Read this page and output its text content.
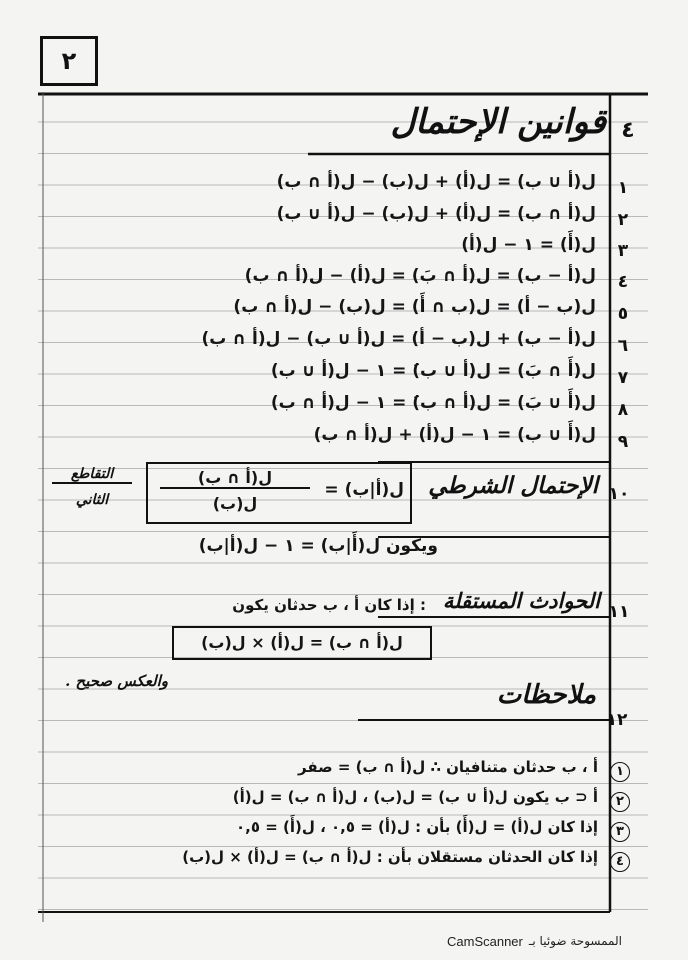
٢
٤
قوانين الإحتمال
١
ل(أ ∪ ب) = ل(أ) + ل(ب) − ل(أ ∩ ب)
٢
ل(أ ∩ ب) = ل(أ) + ل(ب) − ل(أ ∪ ب)
٣
ل(أَ) = ١ − ل(أ)
٤
ل(أ − ب) = ل(أ ∩ بَ) = ل(أ) − ل(أ ∩ ب)
٥
ل(ب − أ) = ل(ب ∩ أَ) = ل(ب) − ل(أ ∩ ب)
٦
ل(أ − ب) + ل(ب − أ) = ل(أ ∪ ب) − ل(أ ∩ ب)
٧
ل(أَ ∩ بَ) = ل(أ ∪ ب)َ = ١ − ل(أ ∪ ب)
٨
ل(أَ ∪ بَ) = ل(أ ∩ ب)َ = ١ − ل(أ ∩ ب)
٩
ل(أَ ∪ ب) = ١ − ل(أ) + ل(أ ∩ ب)
١٠
الإحتمال الشرطي
ل(أ|ب) =
ل(أ ∩ ب)
ل(ب)
التقاطع
الثاني
ويكون ل(أَ|ب) = ١ − ل(أ|ب)
١١
الحوادث المستقلة
: إذا كان أ ، ب حدثان يكون
ل(أ ∩ ب) = ل(أ) × ل(ب)
والعكس صحيح .
١٢
ملاحظات
١
أ ، ب حدثان متنافيان ∴ ل(أ ∩ ب) = صفر
٢
أ ⊂ ب يكون ل(أ ∪ ب) = ل(ب) ، ل(أ ∩ ب) = ل(أ)
٣
إذا كان ل(أ) = ل(أَ) بأن : ل(أ) = ٠,٥ ، ل(أَ) = ٠,٥
٤
إذا كان الحدثان مستقلان بأن : ل(أ ∩ ب) = ل(أ) × ل(ب)
CamScanner الممسوحة ضوئيا بـ
